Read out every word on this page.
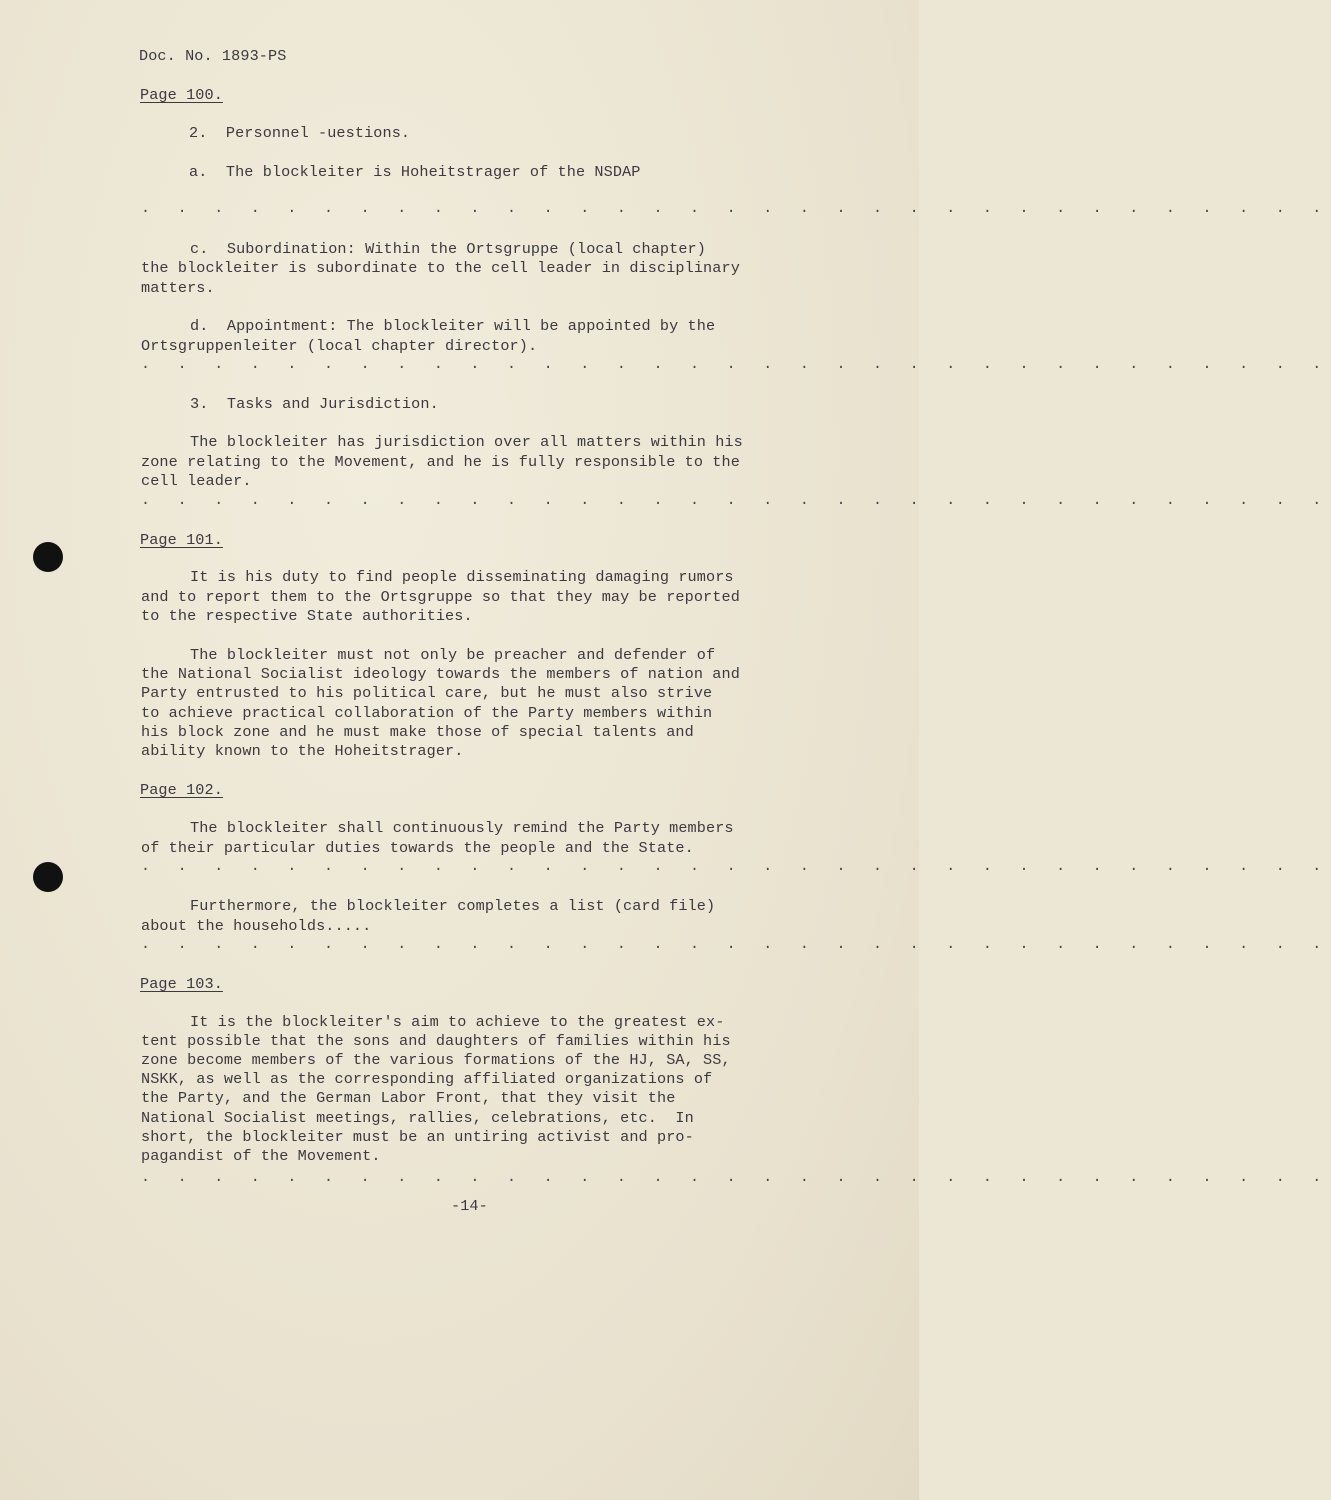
Doc. No. 1893-PS
Page 100.
2.  Personnel ‐uestions.
a.  The blockleiter is Hoheitstrager of the NSDAP
. . . . . . . . . . . . . . . . . . . . . . . . . . . . . . . . .
c.  Subordination: Within the Ortsgruppe (local chapter)
the blockleiter is subordinate to the cell leader in disciplinary
matters.
d.  Appointment: The blockleiter will be appointed by the
Ortsgruppenleiter (local chapter director).
. . . . . . . . . . . . . . . . . . . . . . . . . . . . . . . . .
3.  Tasks and Jurisdiction.
The blockleiter has jurisdiction over all matters within his
zone relating to the Movement, and he is fully responsible to the
cell leader.
. . . . . . . . . . . . . . . . . . . . . . . . . . . . . . . . .
Page 101.
It is his duty to find people disseminating damaging rumors
and to report them to the Ortsgruppe so that they may be reported
to the respective State authorities.
The blockleiter must not only be preacher and defender of
the National Socialist ideology towards the members of nation and
Party entrusted to his political care, but he must also strive
to achieve practical collaboration of the Party members within
his block zone and he must make those of special talents and
ability known to the Hoheitstrager.
Page 102.
The blockleiter shall continuously remind the Party members
of their particular duties towards the people and the State.
. . . . . . . . . . . . . . . . . . . . . . . . . . . . . . . . .
Furthermore, the blockleiter completes a list (card file)
about the households.....
. . . . . . . . . . . . . . . . . . . . . . . . . . . . . . . . .
Page 103.
It is the blockleiter's aim to achieve to the greatest ex-
tent possible that the sons and daughters of families within his
zone become members of the various formations of the HJ, SA, SS,
NSKK, as well as the corresponding affiliated organizations of
the Party, and the German Labor Front, that they visit the
National Socialist meetings, rallies, celebrations, etc.  In
short, the blockleiter must be an untiring activist and pro-
pagandist of the Movement.
. . . . . . . . . . . . . . . . . . . . . . . . . . . . . . . . .
-14-
